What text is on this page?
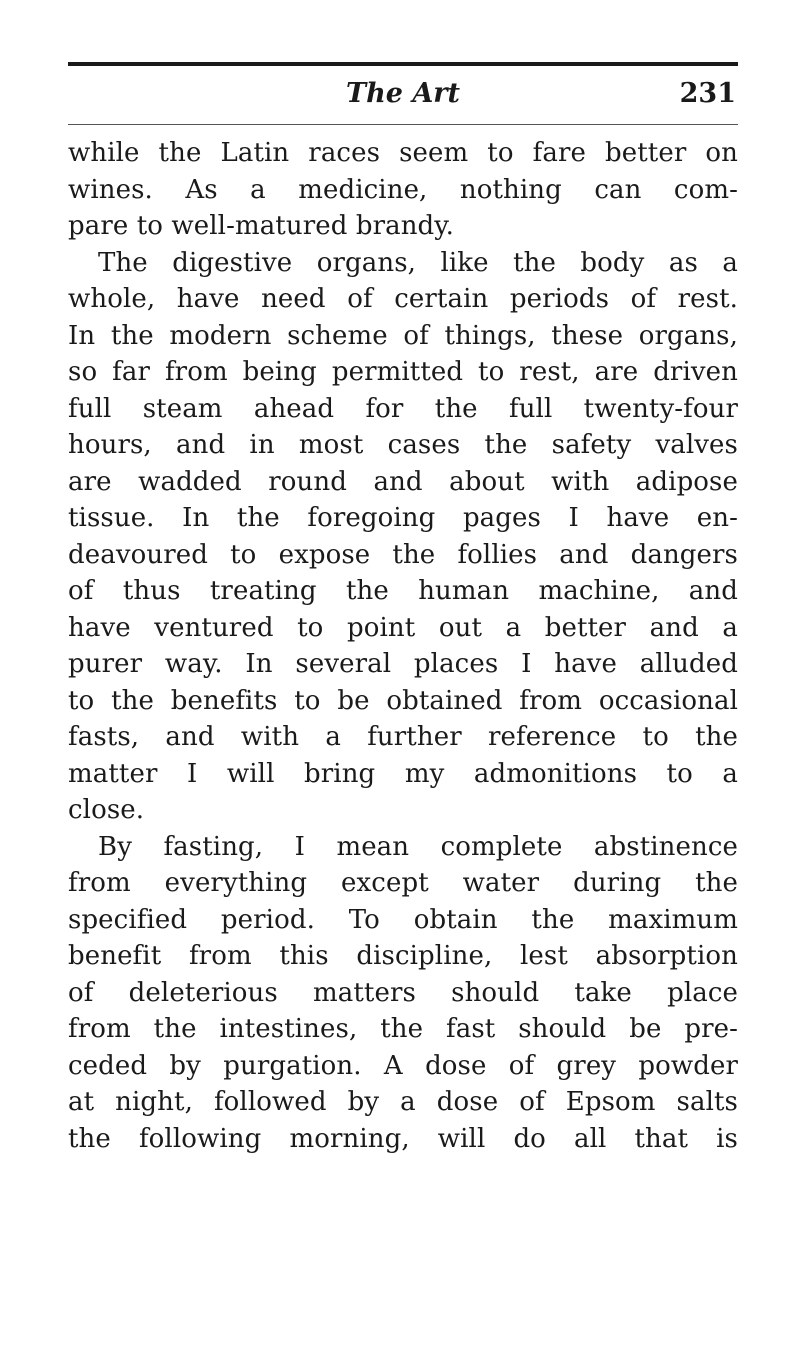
The Art	231
while the Latin races seem to fare better on
wines. As a medicine, nothing can com-
pare to well-matured brandy.
The digestive organs, like the body as a
whole, have need of certain periods of rest.
In the modern scheme of things, these organs,
so far from being permitted to rest, are driven
full steam ahead for the full twenty-four
hours, and in most cases the safety valves
are wadded round and about with adipose
tissue. In the foregoing pages I have en-
deavoured to expose the follies and dangers
of thus treating the human machine, and
have ventured to point out a better and a
purer way. In several places I have alluded
to the benefits to be obtained from occasional
fasts, and with a further reference to the
matter I will bring my admonitions to a
close.
By fasting, I mean complete abstinence
from everything except water during the
specified period. To obtain the maximum
benefit from this discipline, lest absorption
of deleterious matters should take place
from the intestines, the fast should be pre-
ceded by purgation. A dose of grey powder
at night, followed by a dose of Epsom salts
the following morning, will do all that is
